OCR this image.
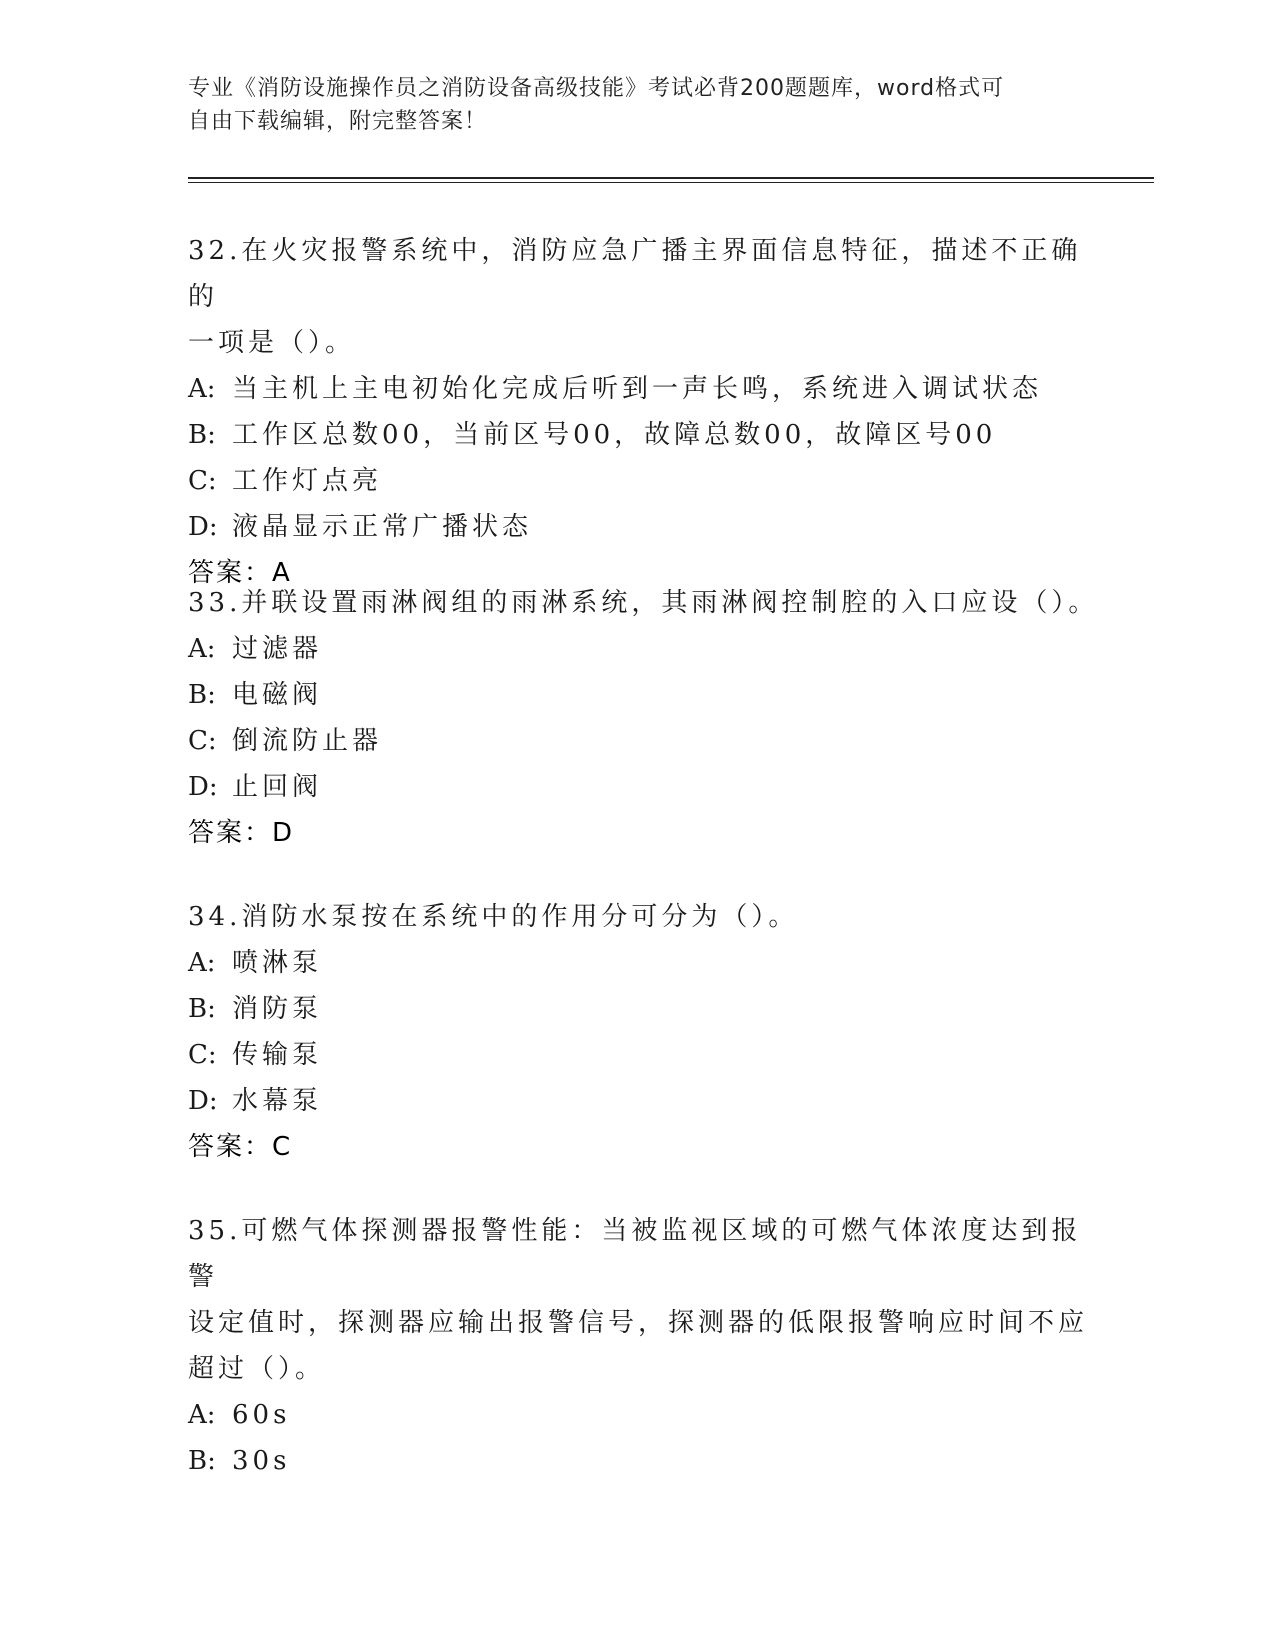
专业《消防设施操作员之消防设备高级技能》考试必背200题题库，word格式可
自由下载编辑，附完整答案！

32.在火灾报警系统中，消防应急广播主界面信息特征，描述不正确的

一项是（）。

A: 当主机上主电初始化完成后听到一声长鸣，系统进入调试状态

B: 工作区总数00，当前区号00，故障总数00，故障区号00

C: 工作灯点亮

D: 液晶显示正常广播状态

答案：A

33.并联设置雨淋阀组的雨淋系统，其雨淋阀控制腔的入口应设（）。

A: 过滤器

B: 电磁阀

C: 倒流防止器

D: 止回阀

答案：D

34.消防水泵按在系统中的作用分可分为（）。

A: 喷淋泵

B: 消防泵

C: 传输泵

D: 水幕泵

答案：C

35.可燃气体探测器报警性能：当被监视区域的可燃气体浓度达到报警

设定值时，探测器应输出报警信号，探测器的低限报警响应时间不应

超过（）。

A: 60s

B: 30s
